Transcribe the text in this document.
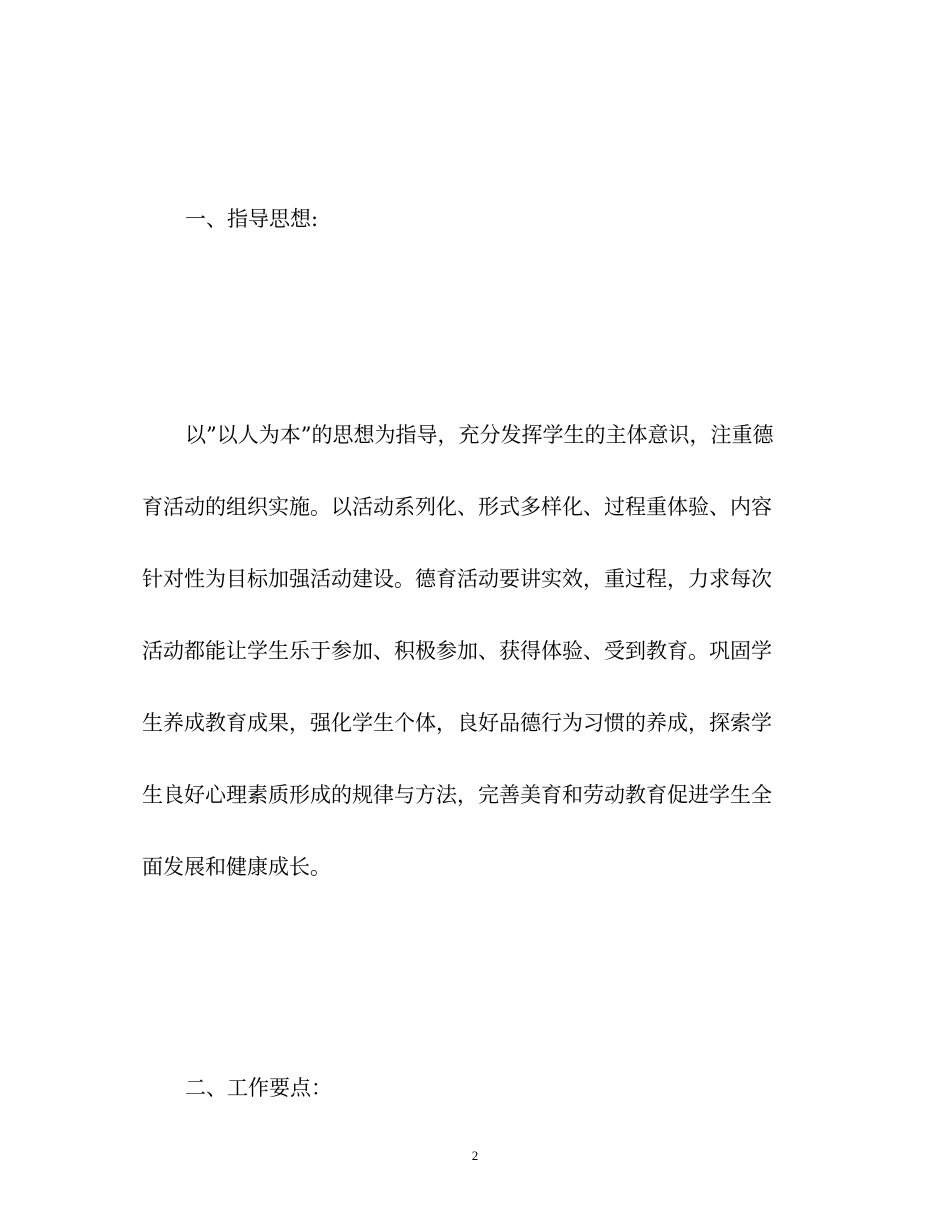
一、指导思想:
以”以人为本”的思想为指导，充分发挥学生的主体意识，注重德
育活动的组织实施。以活动系列化、形式多样化、过程重体验、内容
针对性为目标加强活动建设。德育活动要讲实效，重过程，力求每次
活动都能让学生乐于参加、积极参加、获得体验、受到教育。巩固学
生养成教育成果，强化学生个体，良好品德行为习惯的养成，探索学
生良好心理素质形成的规律与方法，完善美育和劳动教育促进学生全
面发展和健康成长。
二、工作要点：
2
